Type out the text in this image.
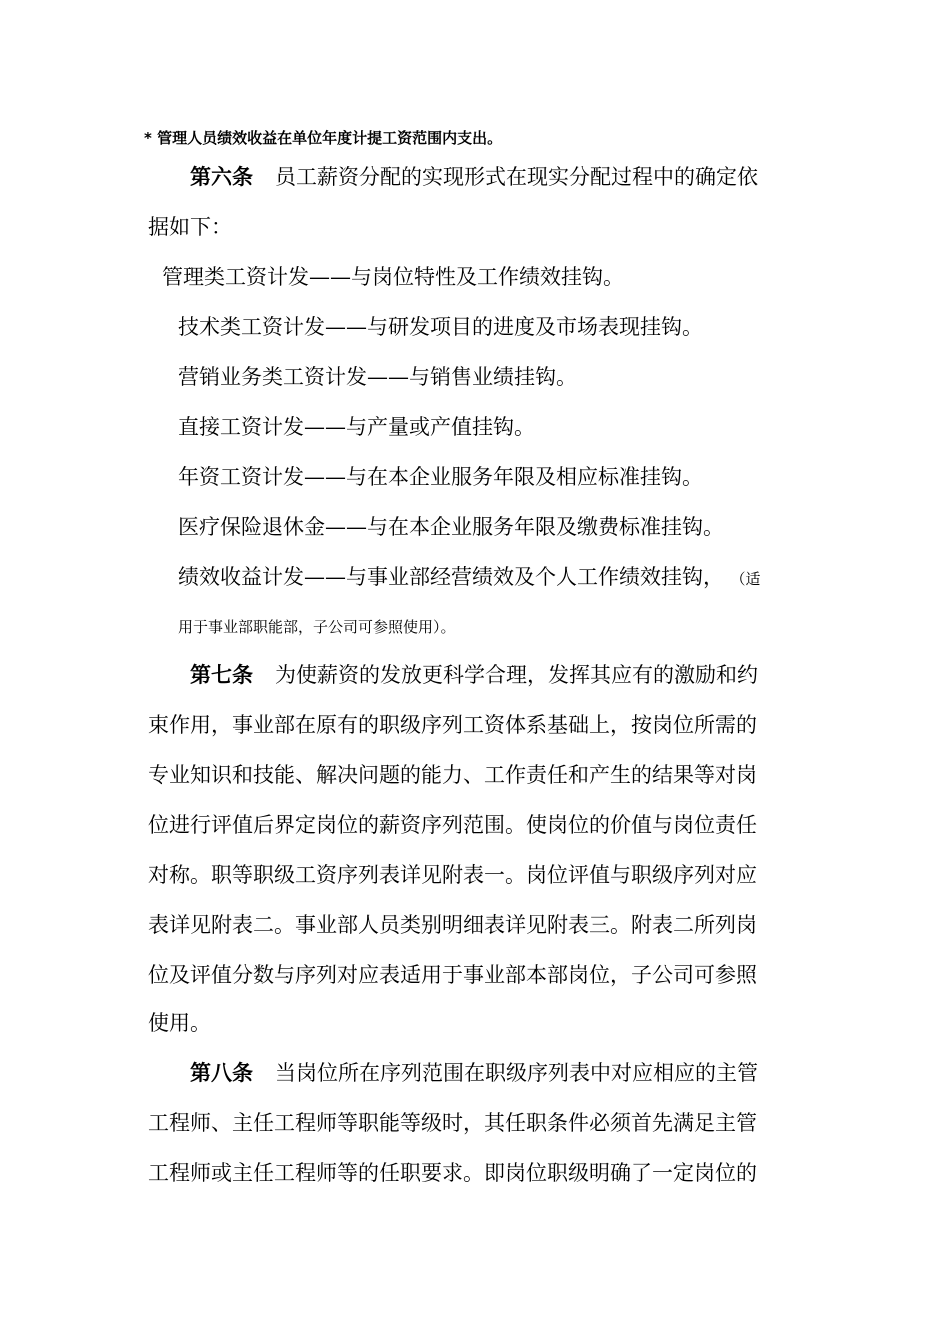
* 管理人员绩效收益在单位年度计提工资范围内支出。
第六条 员工薪资分配的实现形式在现实分配过程中的确定依
据如下：
管理类工资计发——与岗位特性及工作绩效挂钩。
技术类工资计发——与研发项目的进度及市场表现挂钩。
营销业务类工资计发——与销售业绩挂钩。
直接工资计发——与产量或产值挂钩。
年资工资计发——与在本企业服务年限及相应标准挂钩。
医疗保险退休金——与在本企业服务年限及缴费标准挂钩。
绩效收益计发——与事业部经营绩效及个人工作绩效挂钩， （适
用于事业部职能部，子公司可参照使用）。
第七条 为使薪资的发放更科学合理，发挥其应有的激励和约
束作用，事业部在原有的职级序列工资体系基础上，按岗位所需的
专业知识和技能、解决问题的能力、工作责任和产生的结果等对岗
位进行评值后界定岗位的薪资序列范围。使岗位的价值与岗位责任
对称。职等职级工资序列表详见附表一。岗位评值与职级序列对应
表详见附表二。事业部人员类别明细表详见附表三。附表二所列岗
位及评值分数与序列对应表适用于事业部本部岗位，子公司可参照
使用。
第八条 当岗位所在序列范围在职级序列表中对应相应的主管
工程师、主任工程师等职能等级时，其任职条件必须首先满足主管
工程师或主任工程师等的任职要求。即岗位职级明确了一定岗位的
